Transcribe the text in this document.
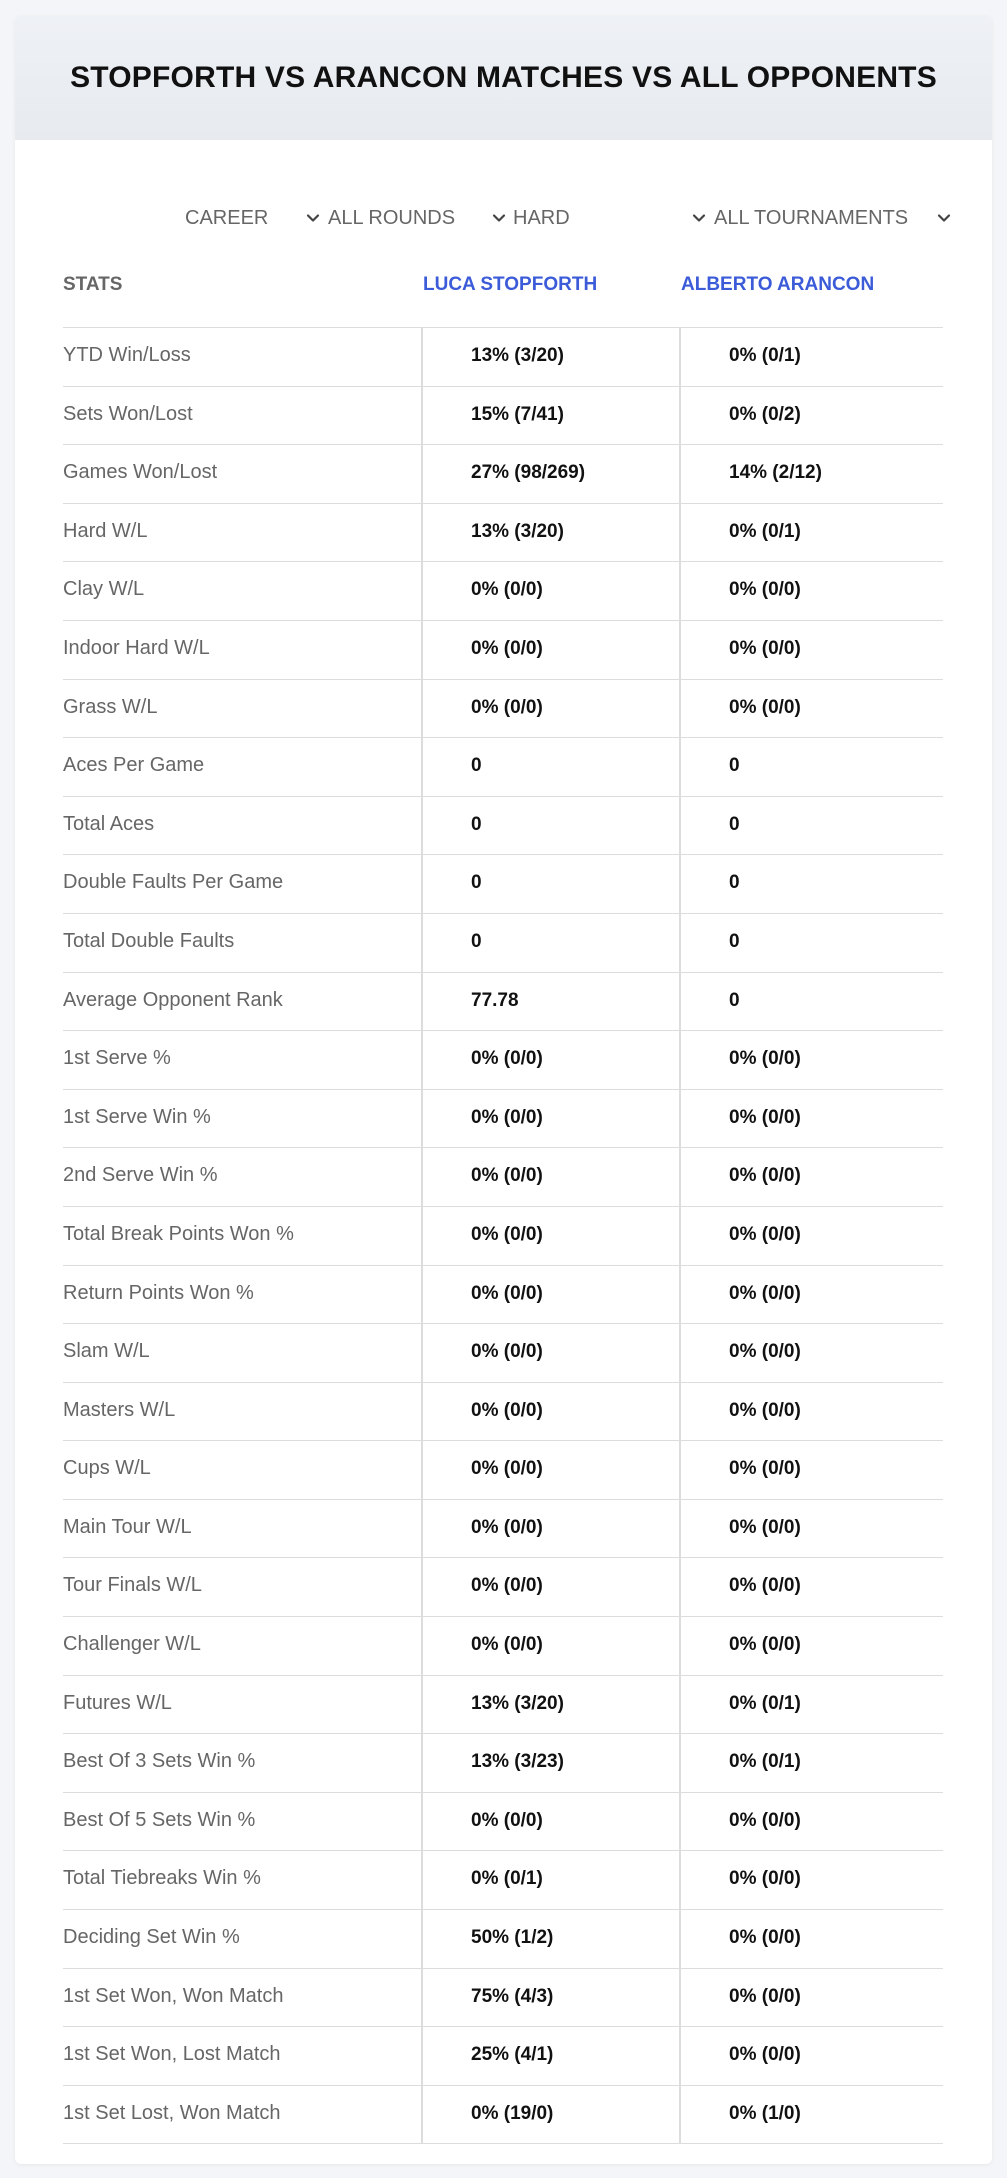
STOPFORTH VS ARANCON MATCHES VS ALL OPPONENTS
CAREER	ALL ROUNDS	HARD	ALL TOURNAMENTS
STATS	LUCA STOPFORTH	ALBERTO ARANCON
YTD Win/Loss	13% (3/20)	0% (0/1)
Sets Won/Lost	15% (7/41)	0% (0/2)
Games Won/Lost	27% (98/269)	14% (2/12)
Hard W/L	13% (3/20)	0% (0/1)
Clay W/L	0% (0/0)	0% (0/0)
Indoor Hard W/L	0% (0/0)	0% (0/0)
Grass W/L	0% (0/0)	0% (0/0)
Aces Per Game	0	0
Total Aces	0	0
Double Faults Per Game	0	0
Total Double Faults	0	0
Average Opponent Rank	77.78	0
1st Serve %	0% (0/0)	0% (0/0)
1st Serve Win %	0% (0/0)	0% (0/0)
2nd Serve Win %	0% (0/0)	0% (0/0)
Total Break Points Won %	0% (0/0)	0% (0/0)
Return Points Won %	0% (0/0)	0% (0/0)
Slam W/L	0% (0/0)	0% (0/0)
Masters W/L	0% (0/0)	0% (0/0)
Cups W/L	0% (0/0)	0% (0/0)
Main Tour W/L	0% (0/0)	0% (0/0)
Tour Finals W/L	0% (0/0)	0% (0/0)
Challenger W/L	0% (0/0)	0% (0/0)
Futures W/L	13% (3/20)	0% (0/1)
Best Of 3 Sets Win %	13% (3/23)	0% (0/1)
Best Of 5 Sets Win %	0% (0/0)	0% (0/0)
Total Tiebreaks Win %	0% (0/1)	0% (0/0)
Deciding Set Win %	50% (1/2)	0% (0/0)
1st Set Won, Won Match	75% (4/3)	0% (0/0)
1st Set Won, Lost Match	25% (4/1)	0% (0/0)
1st Set Lost, Won Match	0% (19/0)	0% (1/0)
